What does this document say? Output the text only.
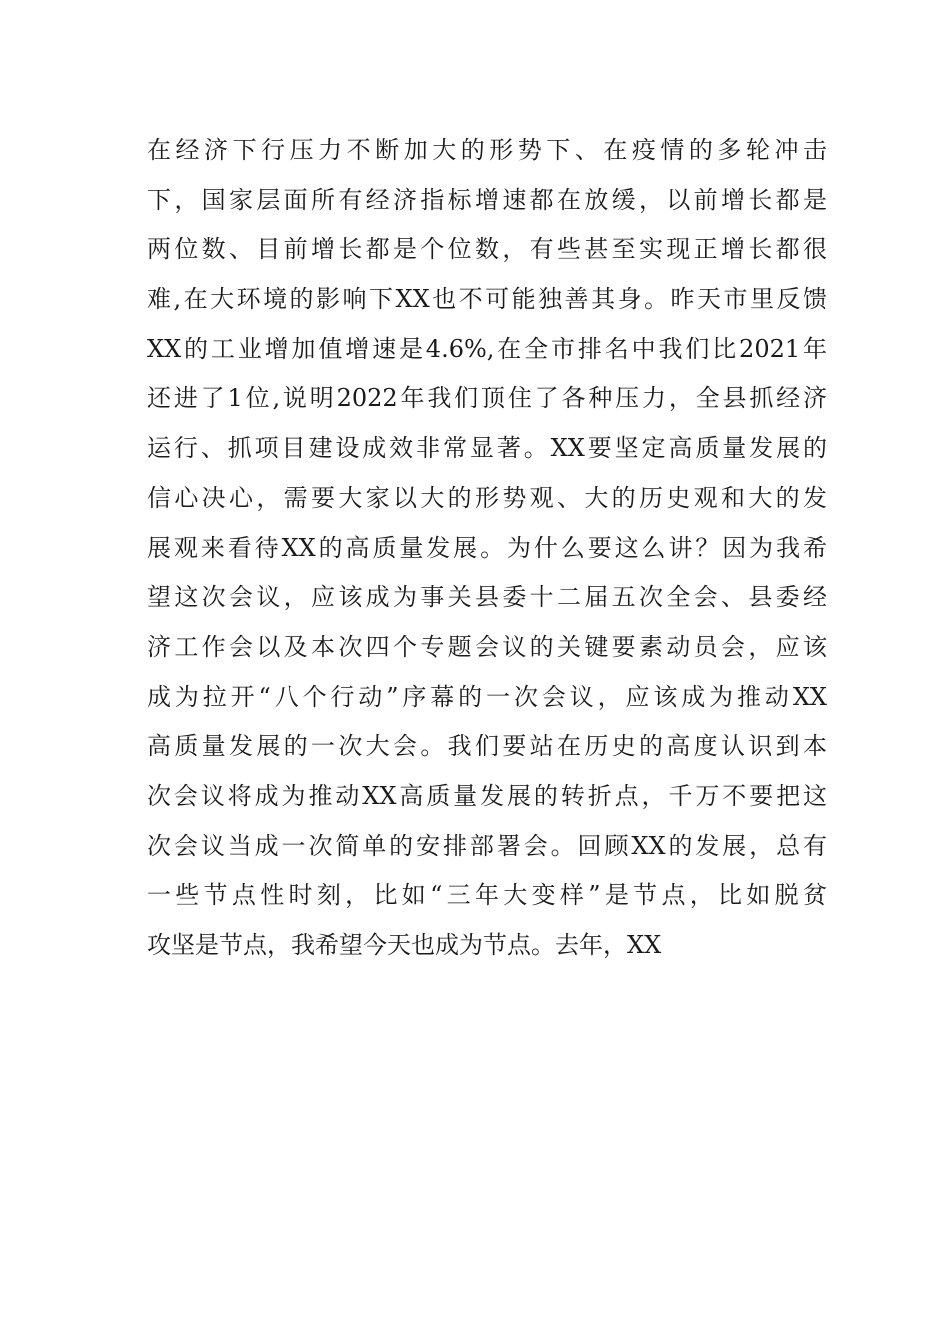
在经济下行压力不断加大的形势下、在疫情的多轮冲击
下，国家层面所有经济指标增速都在放缓，以前增长都是
两位数、目前增长都是个位数，有些甚至实现正增长都很
难,在大环境的影响下XX也不可能独善其身。昨天市里反馈
XX的工业增加值增速是4.6%,在全市排名中我们比2021年
还进了1位,说明2022年我们顶住了各种压力，全县抓经济
运行、抓项目建设成效非常显著。XX要坚定高质量发展的
信心决心，需要大家以大的形势观、大的历史观和大的发
展观来看待XX的高质量发展。为什么要这么讲？因为我希
望这次会议，应该成为事关县委十二届五次全会、县委经
济工作会以及本次四个专题会议的关键要素动员会，应该
成为拉开“八个行动”序幕的一次会议，应该成为推动XX
高质量发展的一次大会。我们要站在历史的高度认识到本
次会议将成为推动XX高质量发展的转折点，千万不要把这
次会议当成一次简单的安排部署会。回顾XX的发展，总有
一些节点性时刻，比如“三年大变样”是节点，比如脱贫
攻坚是节点，我希望今天也成为节点。去年，XX
